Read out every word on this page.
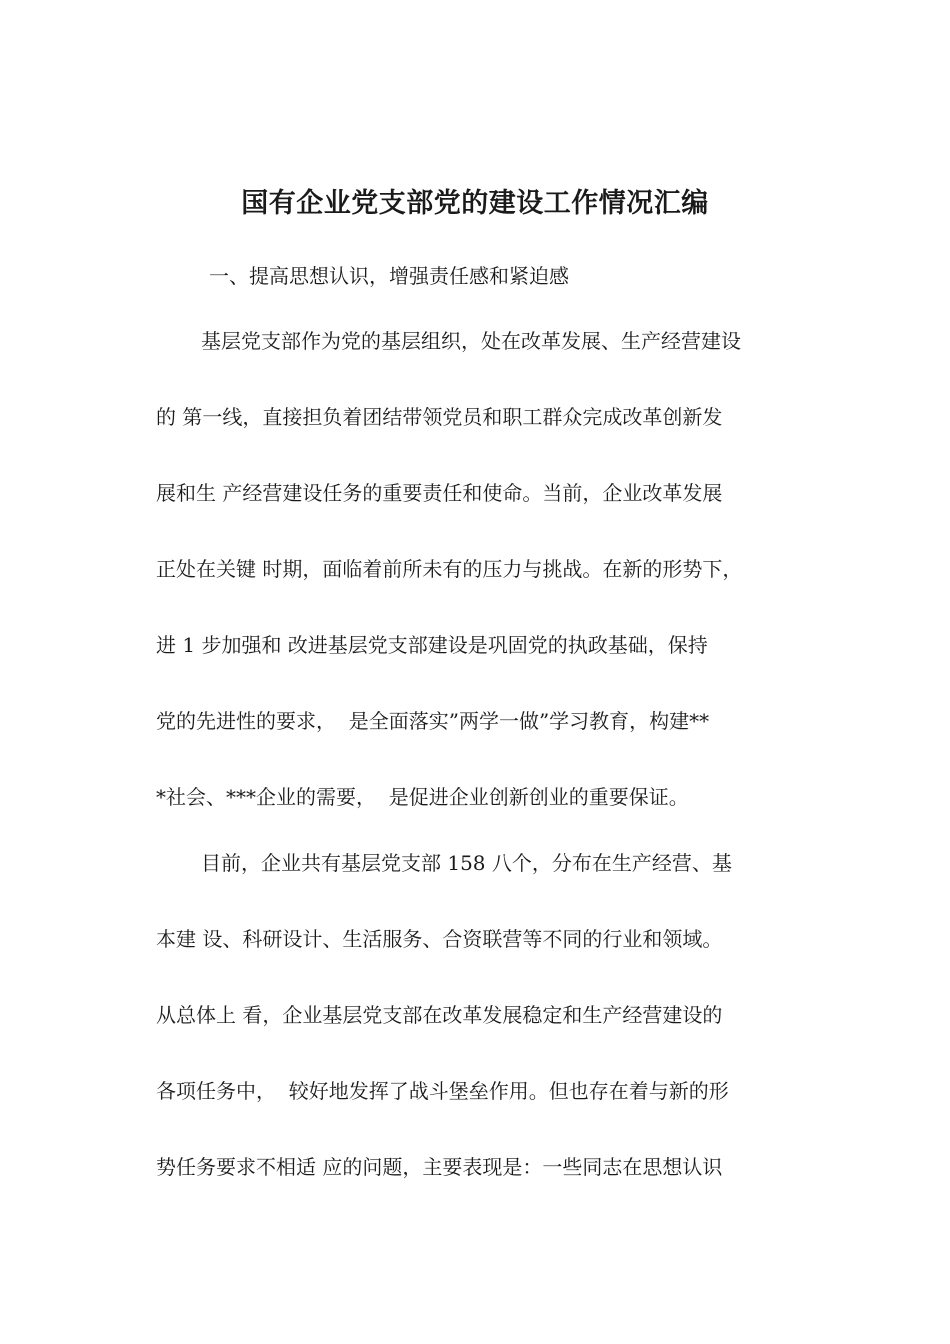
国有企业党支部党的建设工作情况汇编
一、提高思想认识，增强责任感和紧迫感
基层党支部作为党的基层组织，处在改革发展、生产经营建设
的 第一线，直接担负着团结带领党员和职工群众完成改革创新发
展和生 产经营建设任务的重要责任和使命。当前，企业改革发展
正处在关键 时期，面临着前所未有的压力与挑战。在新的形势下，
进 1 步加强和 改进基层党支部建设是巩固党的执政基础，保持
党的先进性的要求，  是全面落实”两学一做”学习教育，构建**
*社会、***企业的需要，  是促进企业创新创业的重要保证。
目前，企业共有基层党支部 158 八个，分布在生产经营、基
本建 设、科研设计、生活服务、合资联营等不同的行业和领域。
从总体上 看，企业基层党支部在改革发展稳定和生产经营建设的
各项任务中，  较好地发挥了战斗堡垒作用。但也存在着与新的形
势任务要求不相适 应的问题，主要表现是：一些同志在思想认识
